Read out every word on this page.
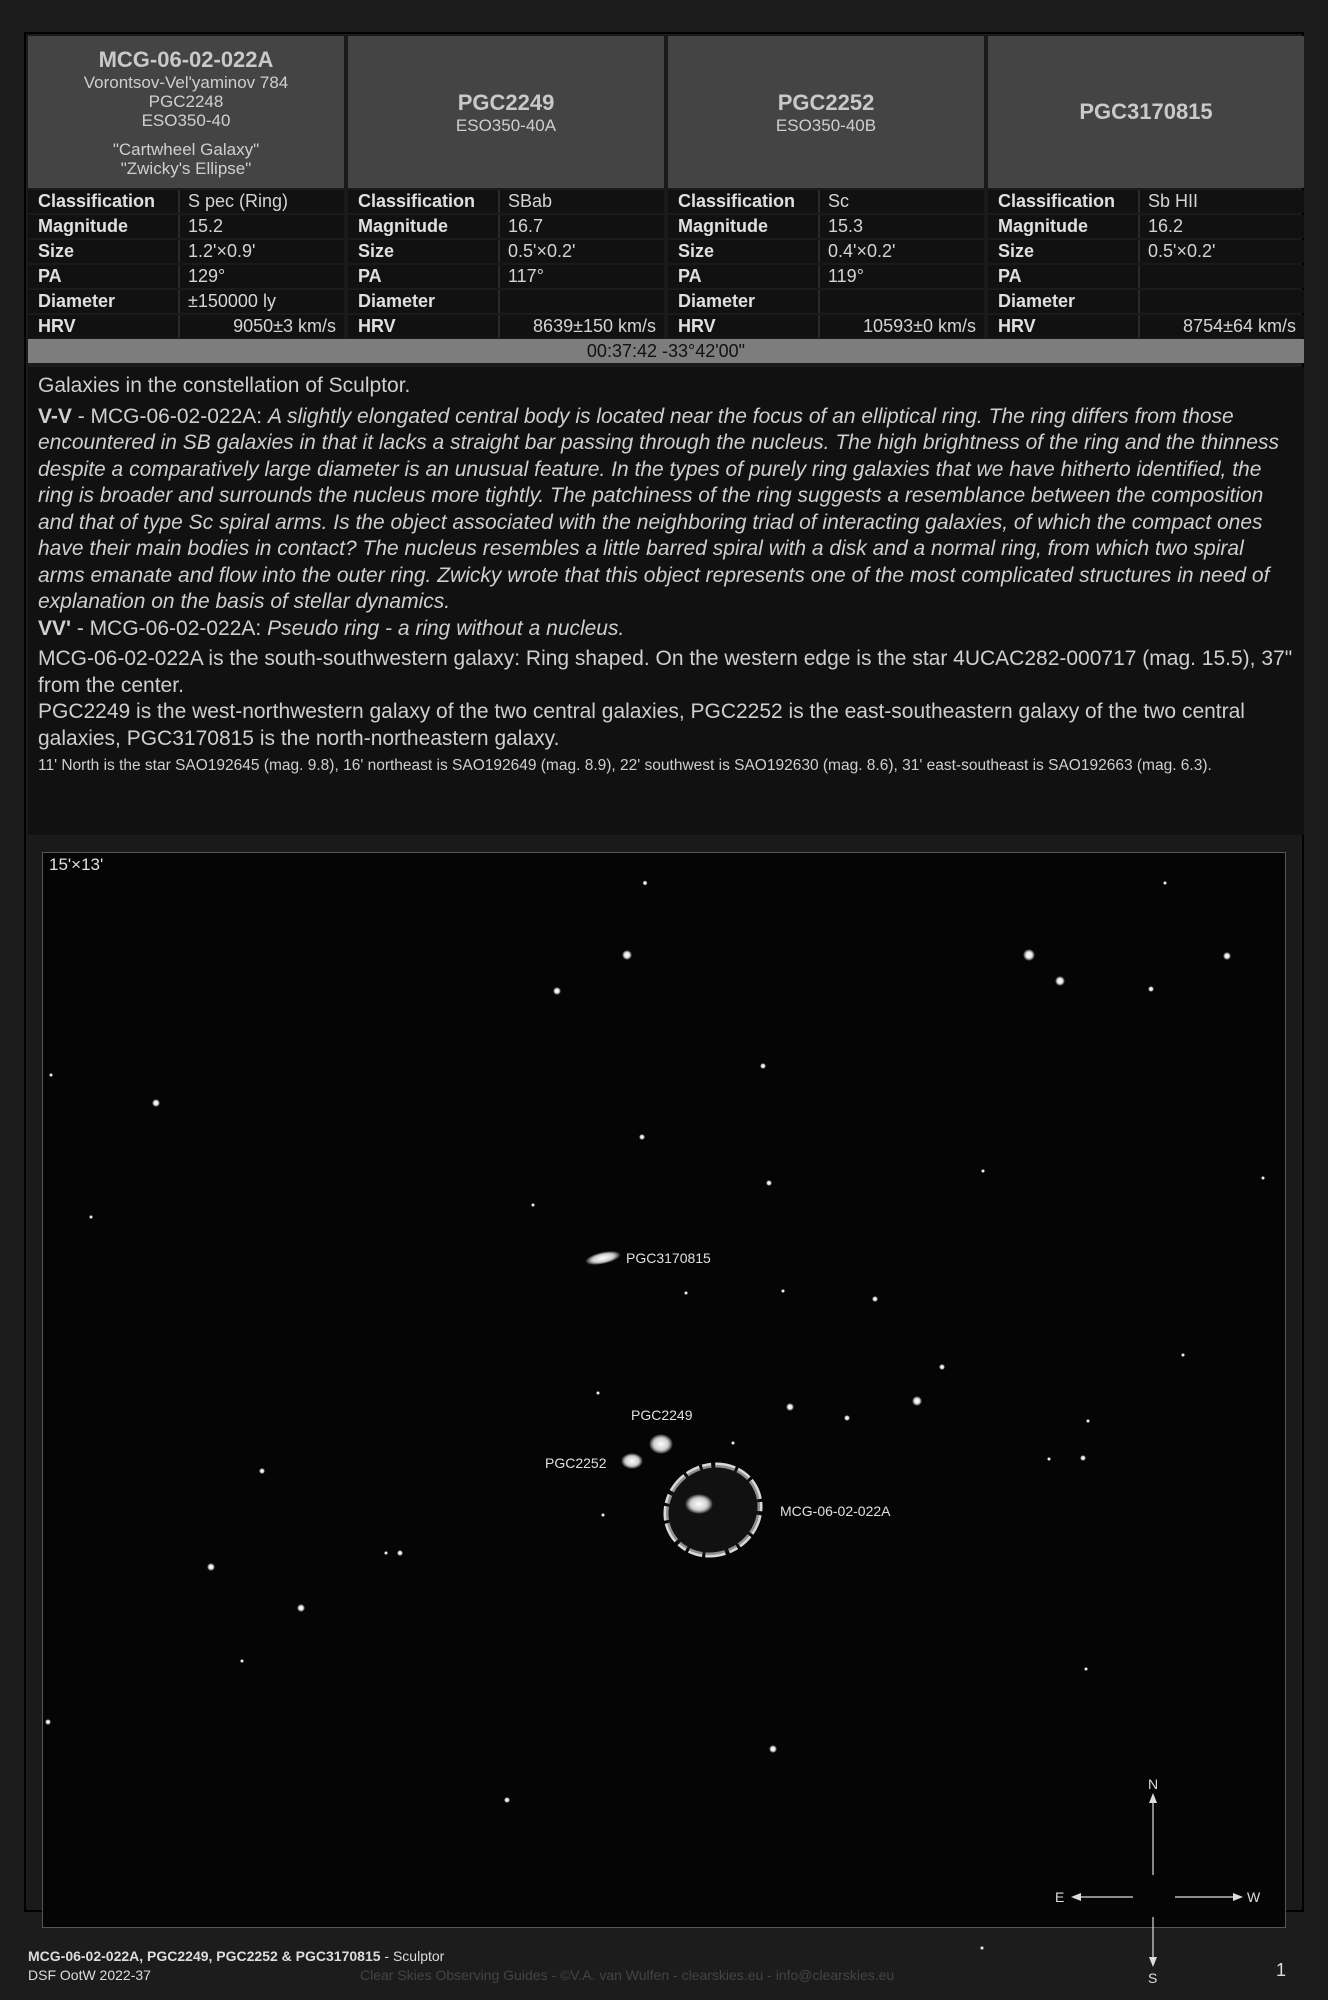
MCG-06-02-022A
Vorontsov-Vel'yaminov 784
PGC2248
ESO350-40
"Cartwheel Galaxy"
"Zwicky's Ellipse"
PGC2249
ESO350-40A
PGC2252
ESO350-40B
PGC3170815
Classification	S pec (Ring)
Magnitude	15.2
Size	1.2'×0.9'
PA	129°
Diameter	±150000 ly
HRV	9050±3 km/s
Classification	SBab
Magnitude	16.7
Size	0.5'×0.2'
PA	117°
Diameter
HRV	8639±150 km/s
Classification	Sc
Magnitude	15.3
Size	0.4'×0.2'
PA	119°
Diameter
HRV	10593±0 km/s
Classification	Sb HII
Magnitude	16.2
Size	0.5'×0.2'
PA
Diameter
HRV	8754±64 km/s
00:37:42 -33°42'00"

Galaxies in the constellation of Sculptor.

V-V - MCG-06-02-022A: A slightly elongated central body is located near the focus of an elliptical ring. The ring differs from those encountered in SB galaxies in that it lacks a straight bar passing through the nucleus. The high brightness of the ring and the thinness despite a comparatively large diameter is an unusual feature. In the types of purely ring galaxies that we have hitherto identified, the ring is broader and surrounds the nucleus more tightly. The patchiness of the ring suggests a resemblance between the composition and that of type Sc spiral arms. Is the object associated with the neighboring triad of interacting galaxies, of which the compact ones have their main bodies in contact? The nucleus resembles a little barred spiral with a disk and a normal ring, from which two spiral arms emanate and flow into the outer ring. Zwicky wrote that this object represents one of the most complicated structures in need of explanation on the basis of stellar dynamics.

VV' - MCG-06-02-022A: Pseudo ring - a ring without a nucleus.

MCG-06-02-022A is the south-southwestern galaxy: Ring shaped. On the western edge is the star 4UCAC282-000717 (mag. 15.5), 37" from the center.

PGC2249 is the west-northwestern galaxy of the two central galaxies, PGC2252 is the east-southeastern galaxy of the two central galaxies, PGC3170815 is the north-northeastern galaxy.

11' North is the star SAO192645 (mag. 9.8), 16' northeast is SAO192649 (mag. 8.9), 22' southwest is SAO192630 (mag. 8.6), 31' east-southeast is SAO192663 (mag. 6.3).

PGC3170815
PGC2249
PGC2252
MCG-06-02-022A
N
S
E	W
15'×13'
MCG-06-02-022A, PGC2249, PGC2252 & PGC3170815 - Sculptor
DSF OotW 2022-37	Clear Skies Observing Guides - ©V.A. van Wulfen - clearskies.eu - info@clearskies.eu	1
